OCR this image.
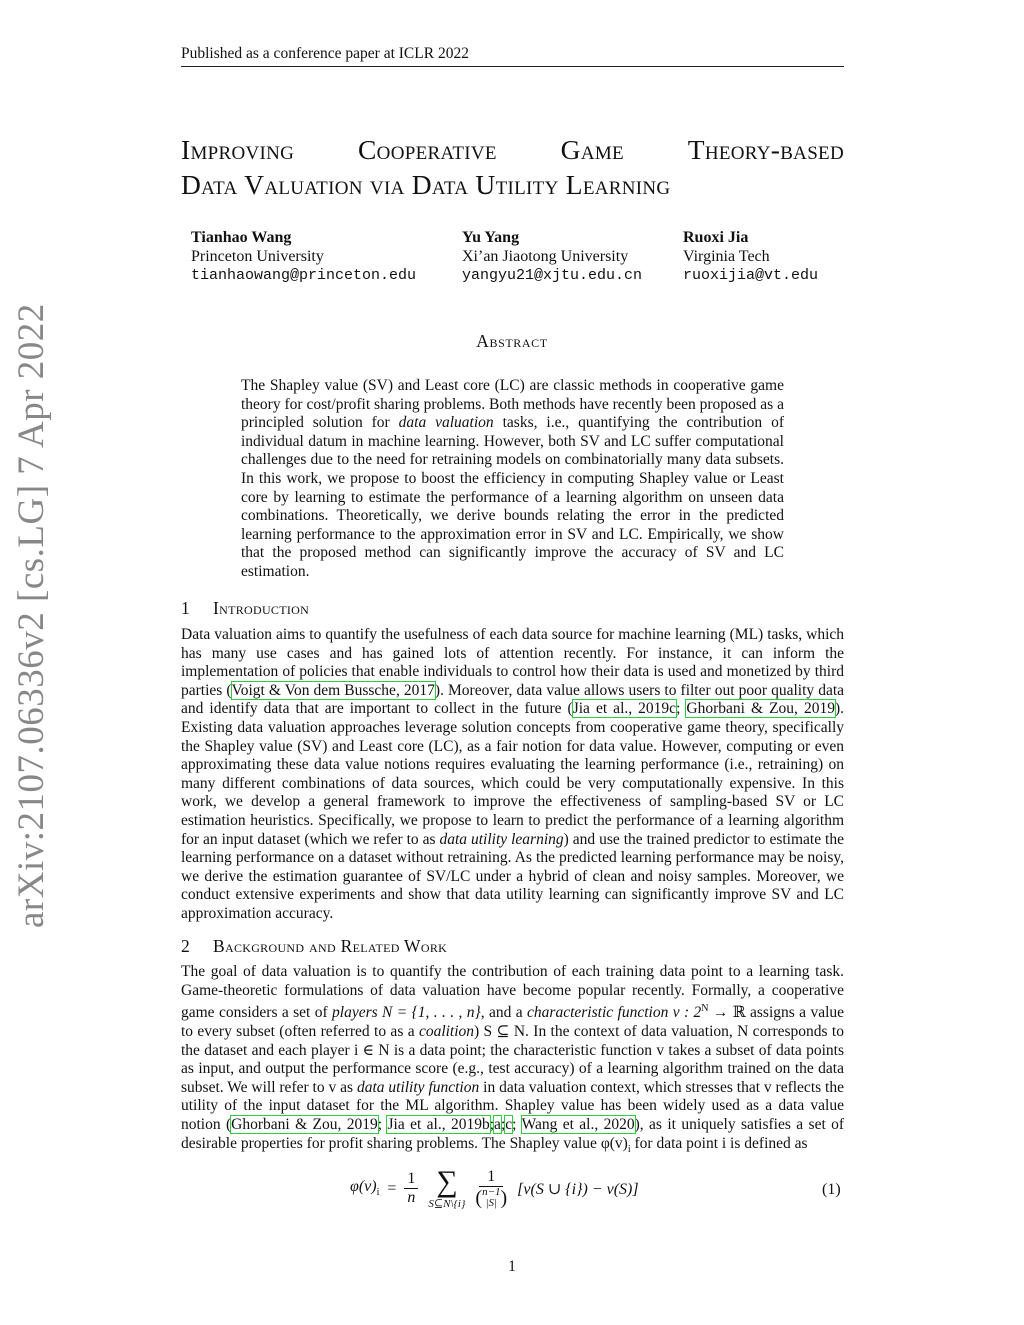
Published as a conference paper at ICLR 2022
arXiv:2107.06336v2 [cs.LG] 7 Apr 2022
Improving Cooperative Game Theory-based
Data Valuation via Data Utility Learning
Tianhao Wang
Princeton University
tianhaowang@princeton.edu
Yu Yang
Xi’an Jiaotong University
yangyu21@xjtu.edu.cn
Ruoxi Jia
Virginia Tech
ruoxijia@vt.edu
Abstract
The Shapley value (SV) and Least core (LC) are classic methods in cooperative game theory for cost/profit sharing problems. Both methods have recently been proposed as a principled solution for data valuation tasks, i.e., quantifying the contribution of individual datum in machine learning. However, both SV and LC suffer computational challenges due to the need for retraining models on combinatorially many data subsets. In this work, we propose to boost the efficiency in computing Shapley value or Least core by learning to estimate the performance of a learning algorithm on unseen data combinations. Theoretically, we derive bounds relating the error in the predicted learning performance to the approximation error in SV and LC. Empirically, we show that the proposed method can significantly improve the accuracy of SV and LC estimation.
1 Introduction
Data valuation aims to quantify the usefulness of each data source for machine learning (ML) tasks, which has many use cases and has gained lots of attention recently. For instance, it can inform the implementation of policies that enable individuals to control how their data is used and monetized by third parties (Voigt & Von dem Bussche, 2017). Moreover, data value allows users to filter out poor quality data and identify data that are important to collect in the future (Jia et al., 2019c; Ghorbani & Zou, 2019). Existing data valuation approaches leverage solution concepts from cooperative game theory, specifically the Shapley value (SV) and Least core (LC), as a fair notion for data value. However, computing or even approximating these data value notions requires evaluating the learning performance (i.e., retraining) on many different combinations of data sources, which could be very computationally expensive. In this work, we develop a general framework to improve the effectiveness of sampling-based SV or LC estimation heuristics. Specifically, we propose to learn to predict the performance of a learning algorithm for an input dataset (which we refer to as data utility learning) and use the trained predictor to estimate the learning performance on a dataset without retraining. As the predicted learning performance may be noisy, we derive the estimation guarantee of SV/LC under a hybrid of clean and noisy samples. Moreover, we conduct extensive experiments and show that data utility learning can significantly improve SV and LC approximation accuracy.
2 Background and Related Work
The goal of data valuation is to quantify the contribution of each training data point to a learning task. Game-theoretic formulations of data valuation have become popular recently. Formally, a cooperative game considers a set of players N = {1, . . . , n}, and a characteristic function v : $2^N$ → ℝ assigns a value to every subset (often referred to as a coalition) S ⊆ N. In the context of data valuation, N corresponds to the dataset and each player i ∈ N is a data point; the characteristic function v takes a subset of data points as input, and output the performance score (e.g., test accuracy) of a learning algorithm trained on the data subset. We will refer to v as data utility function in data valuation context, which stresses that v reflects the utility of the input dataset for the ML algorithm. Shapley value has been widely used as a data value notion (Ghorbani & Zou, 2019; Jia et al., 2019b;a;c; Wang et al., 2020), as it uniquely satisfies a set of desirable properties for profit sharing problems. The Shapley value $\varphi(v)_i$ for data point i is defined as
$\varphi(v)_i = \frac{1}{n}$ ∑
S⊆N\{i}
1
( n−1
|S| ) [v(S ∪ {i}) − v(S)]	(1)
1
